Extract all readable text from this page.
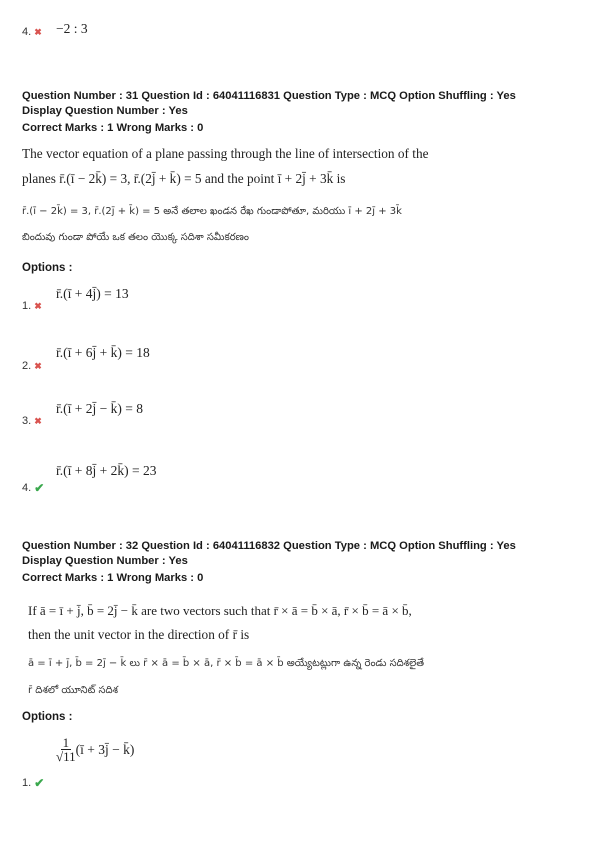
4. ✖ −2 : 3
Question Number : 31 Question Id : 64041116831 Question Type : MCQ Option Shuffling : Yes
Display Question Number : Yes
Correct Marks : 1 Wrong Marks : 0
The vector equation of a plane passing through the line of intersection of the
planes r̄.(ī − 2k̄) = 3, r̄.(2j̄ + k̄) = 5 and the point ī + 2j̄ + 3k̄ is
r̄.(ī − 2k̄) = 3, r̄.(2j̄ + k̄) = 5 అనే తలాల ఖండన రేఖ గుండాపోతూ, మరియు ī + 2j̄ + 3k̄
బిందువు గుండా పోయే ఒక తలం యొక్క సదిశా సమీకరణం
Options :
1. ✖
r̄.(ī + 4j̄) = 13
2. ✖
r̄.(ī + 6j̄ + k̄) = 18
3. ✖
r̄.(ī + 2j̄ − k̄) = 8
4. ✔
r̄.(ī + 8j̄ + 2k̄) = 23
Question Number : 32 Question Id : 64041116832 Question Type : MCQ Option Shuffling : Yes
Display Question Number : Yes
Correct Marks : 1 Wrong Marks : 0
If ā = ī + j̄, b̄ = 2j̄ − k̄ are two vectors such that r̄ × ā = b̄ × ā, r̄ × b̄ = ā × b̄,
then the unit vector in the direction of r̄ is
ā = ī + j̄, b̄ = 2j̄ − k̄ లు r̄ × ā = b̄ × ā, r̄ × b̄ = ā × b̄ అయ్యేటట్లుగా ఉన్న రెండు సదిశలైతే
r̄ దిశలో యూనిట్ సదిశ
Options :
$\frac{1}{√11}$ (ī + 3j̄ − k̄)
1. ✔
